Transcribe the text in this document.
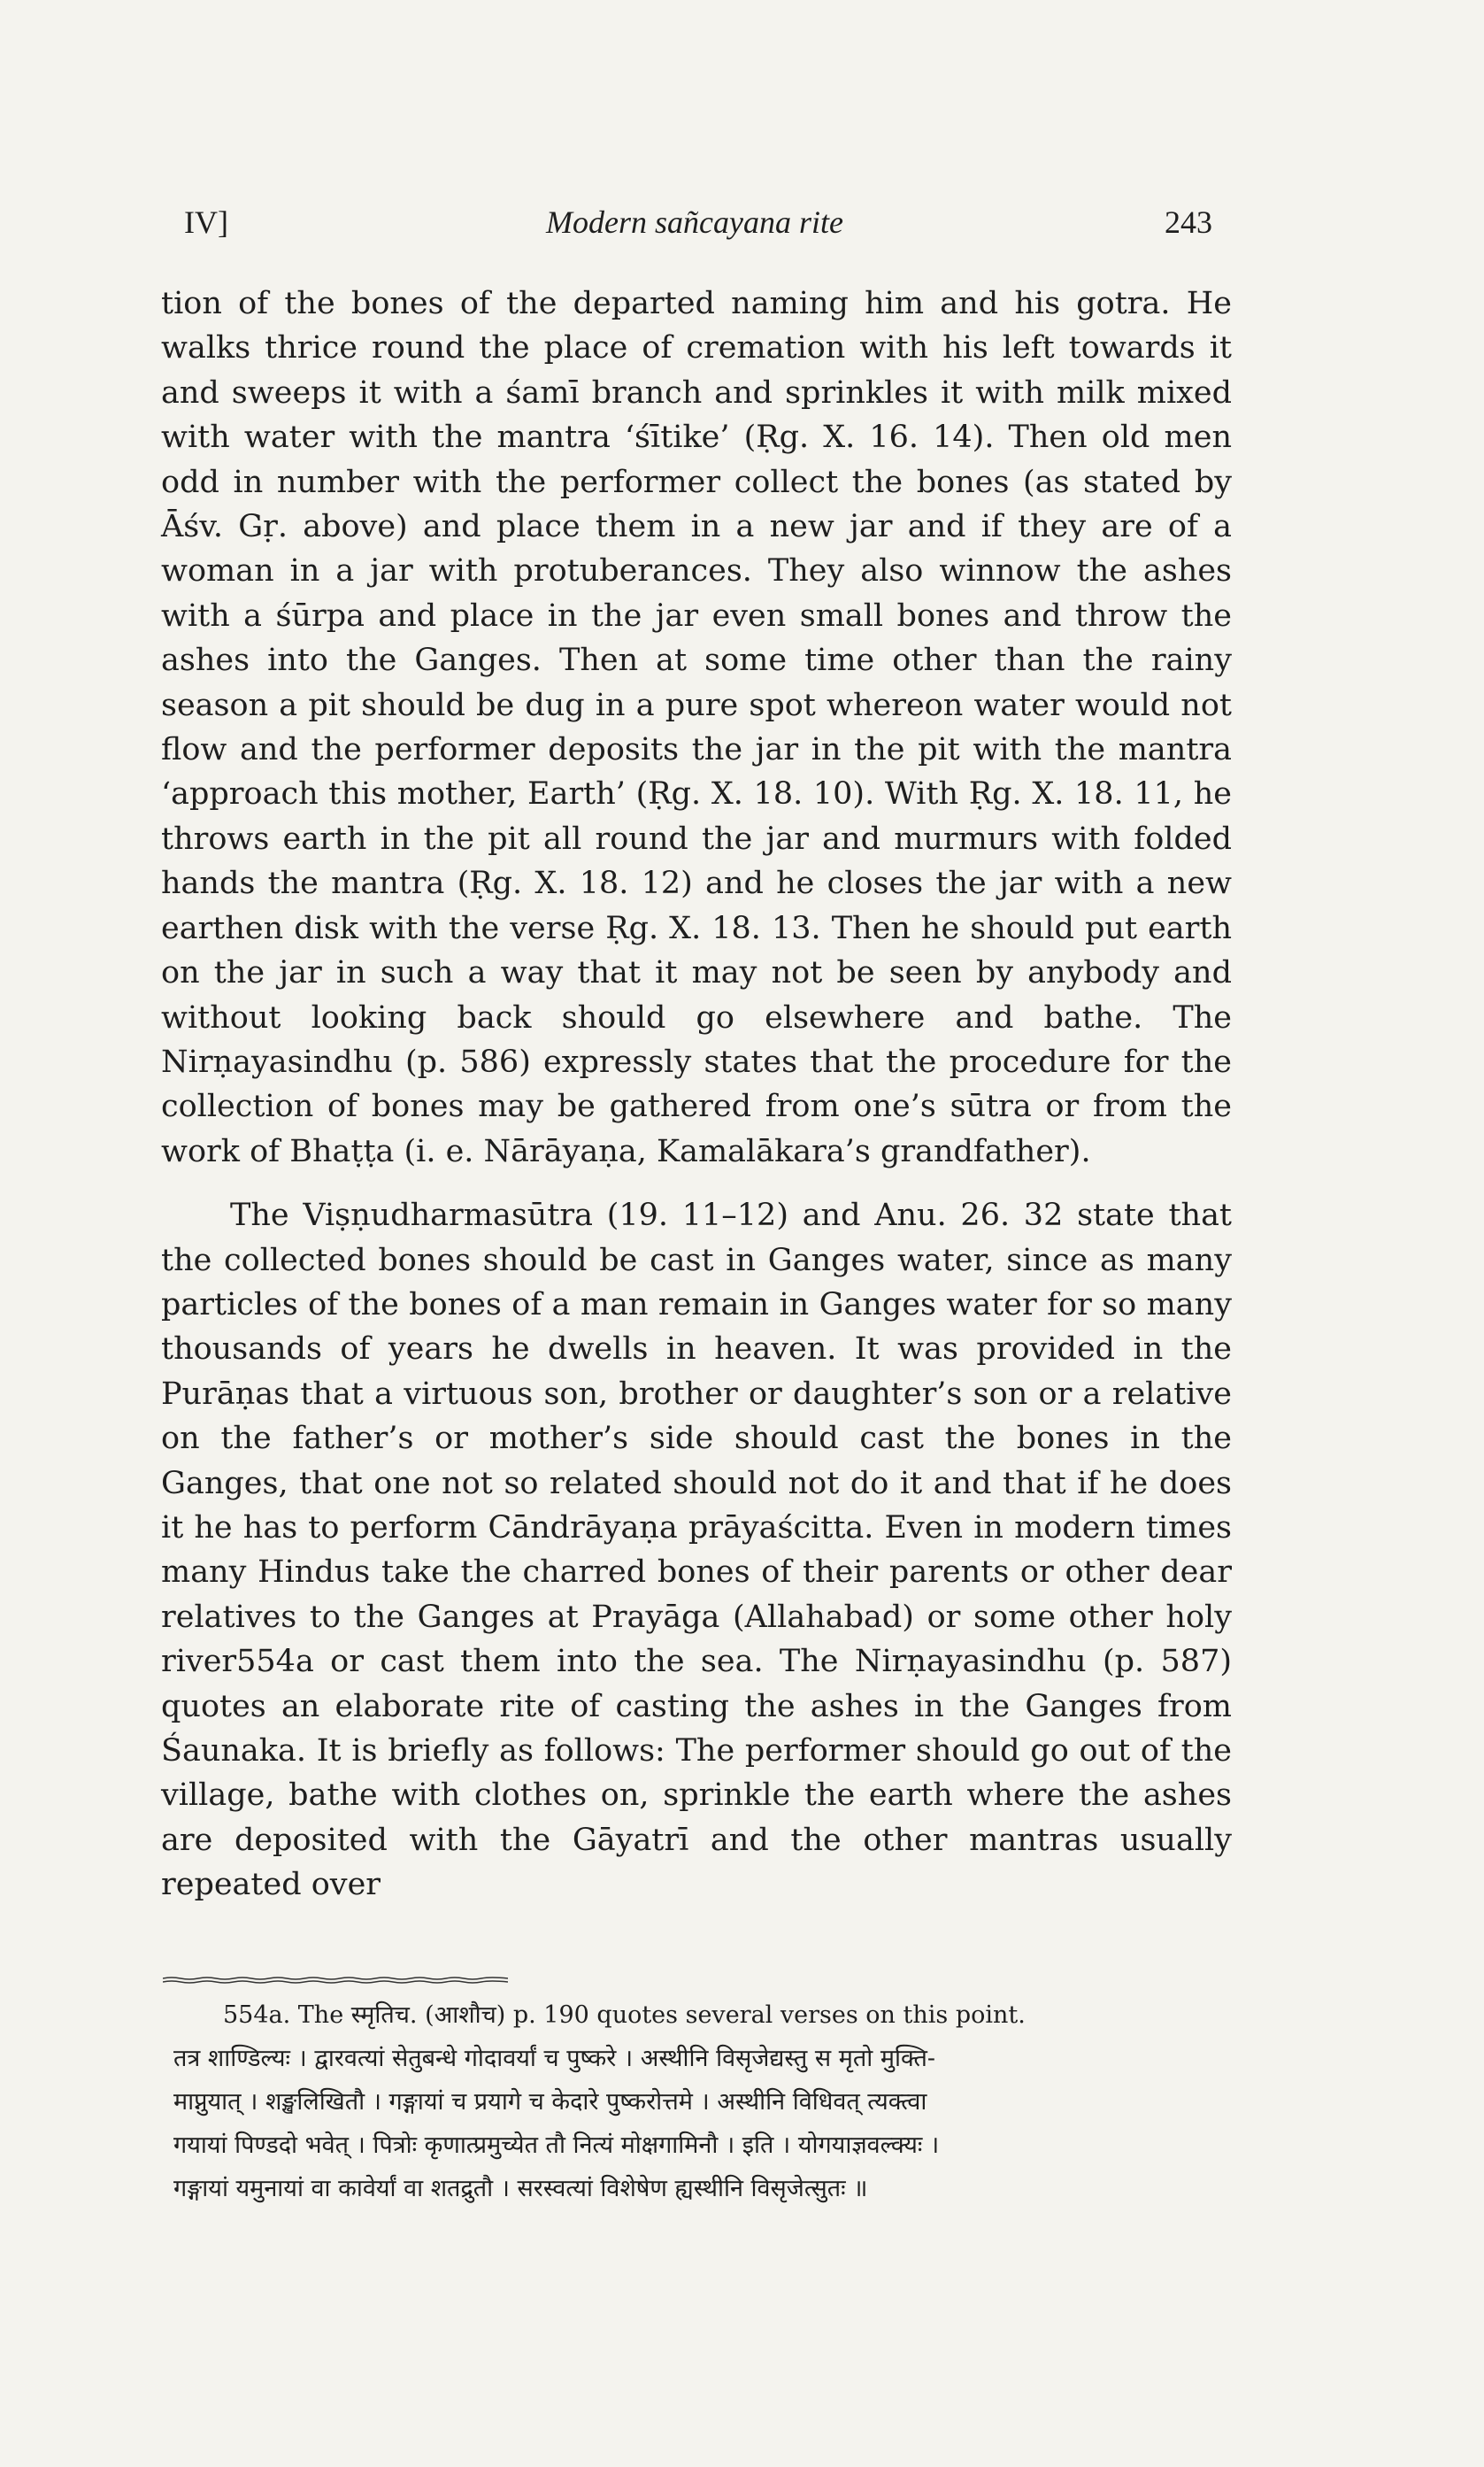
IV]	Modern sañcayana rite	243

tion of the bones of the departed naming him and his gotra. He walks thrice round the place of cremation with his left towards it and sweeps it with a śamī branch and sprinkles it with milk mixed with water with the mantra ‘śītike’ (Ṛg. X. 16. 14). Then old men odd in number with the performer collect the bones (as stated by Āśv. Gṛ. above) and place them in a new jar and if they are of a woman in a jar with protuberances. They also winnow the ashes with a śūrpa and place in the jar even small bones and throw the ashes into the Ganges. Then at some time other than the rainy season a pit should be dug in a pure spot whereon water would not flow and the performer deposits the jar in the pit with the mantra ‘approach this mother, Earth’ (Ṛg. X. 18. 10). With Ṛg. X. 18. 11, he throws earth in the pit all round the jar and murmurs with folded hands the mantra (Ṛg. X. 18. 12) and he closes the jar with a new earthen disk with the verse Ṛg. X. 18. 13. Then he should put earth on the jar in such a way that it may not be seen by anybody and without looking back should go elsewhere and bathe. The Nirṇayasindhu (p. 586) expressly states that the procedure for the collection of bones may be gathered from one’s sūtra or from the work of Bhaṭṭa (i. e. Nārāyaṇa, Kamalākara’s grandfather).

The Viṣṇudharmasūtra (19. 11–12) and Anu. 26. 32 state that the collected bones should be cast in Ganges water, since as many particles of the bones of a man remain in Ganges water for so many thousands of years he dwells in heaven. It was provided in the Purāṇas that a virtuous son, brother or daughter’s son or a relative on the father’s or mother’s side should cast the bones in the Ganges, that one not so related should not do it and that if he does it he has to perform Cāndrāyaṇa prāyaścitta. Even in modern times many Hindus take the charred bones of their parents or other dear relatives to the Ganges at Prayāga (Allahabad) or some other holy river554a or cast them into the sea. The Nirṇayasindhu (p. 587) quotes an elaborate rite of casting the ashes in the Ganges from Śaunaka. It is briefly as follows: The performer should go out of the village, bathe with clothes on, sprinkle the earth where the ashes are deposited with the Gāyatrī and the other mantras usually repeated over

554a. The स्मृतिच. (आशौच) p. 190 quotes several verses on this point.
तत्र शाण्डिल्यः । द्वारवत्यां सेतुबन्धे गोदावर्यां च पुष्करे । अस्थीनि विसृजेद्यस्तु स मृतो मुक्ति-
माप्नुयात् । शङ्खलिखितौ । गङ्गायां च प्रयागे च केदारे पुष्करोत्तमे । अस्थीनि विधिवत् त्यक्त्वा
गयायां पिण्डदो भवेत् । पित्रोः कृणात्प्रमुच्येत तौ नित्यं मोक्षगामिनौ । इति । योगयाज्ञवल्क्यः ।
गङ्गायां यमुनायां वा कावेर्यां वा शतद्रुतौ । सरस्वत्यां विशेषेण ह्यस्थीनि विसृजेत्सुतः ॥
